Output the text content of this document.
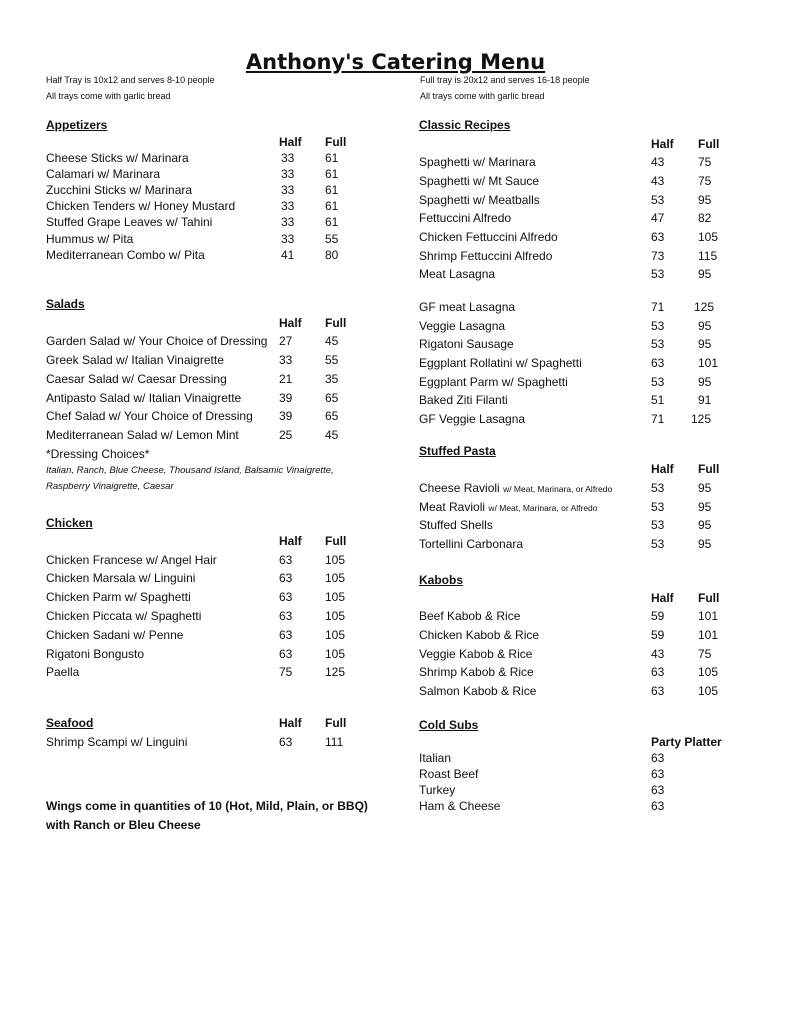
Anthony's Catering Menu
Half Tray is 10x12 and serves 8-10 people
All trays come with garlic bread
Full tray is 20x12 and serves 16-18 people
All trays come with garlic bread
Appetizers
Half Full
Cheese Sticks w/ Marinara	33	61
Calamari w/ Marinara	33	61
Zucchini Sticks w/ Marinara	33	61
Chicken Tenders w/ Honey Mustard	33	61
Stuffed Grape Leaves w/ Tahini	33	61
Hummus w/ Pita	33	55
Mediterranean Combo w/ Pita	41	80
Salads
Half Full
Garden Salad w/ Your Choice of Dressing 27	45
Greek Salad w/ Italian Vinaigrette	33	55
Caesar Salad w/ Caesar Dressing	21	35
Antipasto Salad w/ Italian Vinaigrette	39	65
Chef Salad w/ Your Choice of Dressing 39	65
Mediterranean Salad w/ Lemon Mint	25	45
*Dressing Choices*
Italian, Ranch, Blue Cheese, Thousand Island, Balsamic Vinaigrette,
Raspberry Vinaigrette, Caesar
Chicken
Half Full
Chicken Francese w/ Angel Hair	63	105
Chicken Marsala w/ Linguini	63	105
Chicken Parm w/ Spaghetti	63	105
Chicken Piccata w/ Spaghetti	63	105
Chicken Sadani w/ Penne	63	105
Rigatoni Bongusto	63	105
Paella	75	125
Seafood	Half Full
Shrimp Scampi w/ Linguini	63	111
Wings come in quantities of 10 (Hot, Mild, Plain, or BBQ)
with Ranch or Bleu Cheese
Classic Recipes
Half Full
Spaghetti w/ Marinara	43	75
Spaghetti w/ Mt Sauce	43	75
Spaghetti w/ Meatballs	53	95
Fettuccini Alfredo	47	82
Chicken Fettuccini Alfredo	63	105
Shrimp Fettuccini Alfredo	73	115
Meat Lasagna	53	95
GF meat Lasagna	71 125
Veggie Lasagna	53	95
Rigatoni Sausage	53	95
Eggplant Rollatini w/ Spaghetti	63	101
Eggplant Parm w/ Spaghetti	53	95
Baked Ziti Filanti	51	91
GF Veggie Lasagna	71 125
Stuffed Pasta
Half Full
Cheese Ravioli w/ Meat, Marinara, or Alfredo	53	95
Meat Ravioli w/ Meat, Marinara, or Alfredo	53	95
Stuffed Shells	53	95
Tortellini Carbonara	53	95
Kabobs
Half Full
Beef Kabob & Rice	59	101
Chicken Kabob & Rice	59	101
Veggie Kabob & Rice	43	75
Shrimp Kabob & Rice	63	105
Salmon Kabob & Rice	63	105
Cold Subs
Party Platter
Italian	63
Roast Beef	63
Turkey	63
Ham & Cheese	63
